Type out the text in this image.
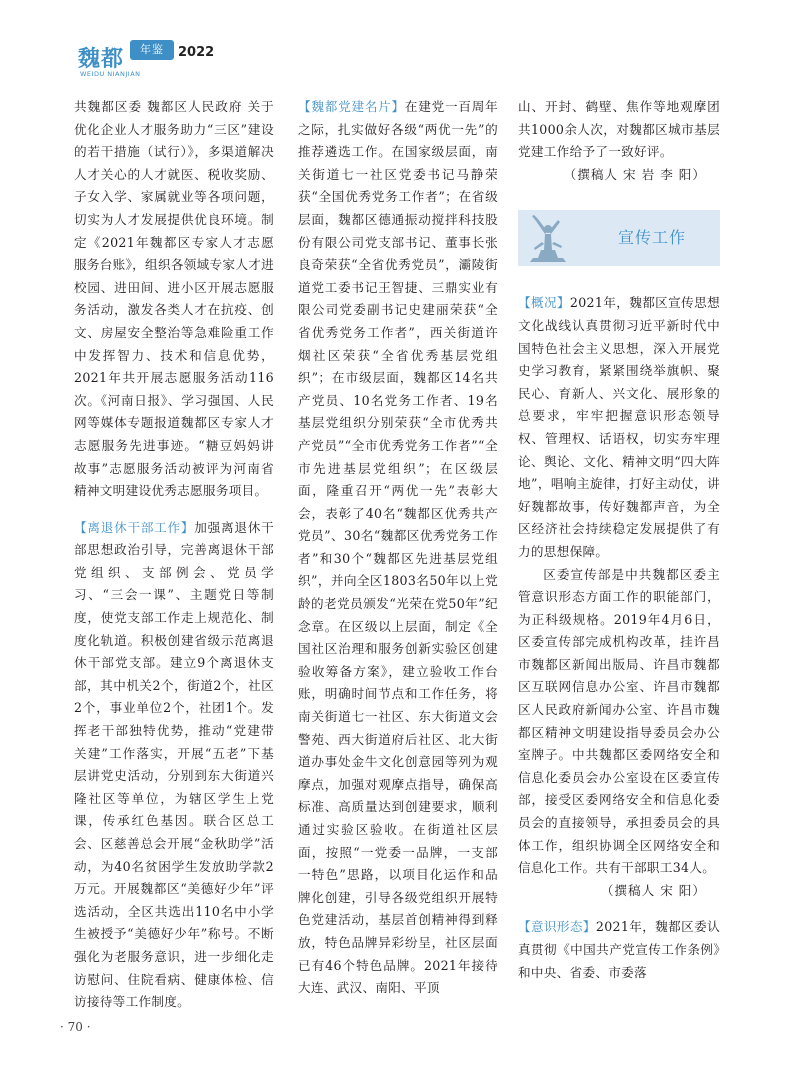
魏都	年鉴	2022
WEIDU NIANJIAN

共魏都区委 魏都区人民政府 关于优化企业人才服务助力“三区”建设的若干措施（试行）》，多渠道解决人才关心的人才就医、税收奖励、子女入学、家属就业等各项问题，切实为人才发展提供优良环境。制定《2021年魏都区专家人才志愿服务台账》，组织各领域专家人才进校园、进田间、进小区开展志愿服务活动，激发各类人才在抗疫、创文、房屋安全整治等急难险重工作中发挥智力、技术和信息优势，2021年共开展志愿服务活动116次。《河南日报》、学习强国、人民网等媒体专题报道魏都区专家人才志愿服务先进事迹。“糖豆妈妈讲故事”志愿服务活动被评为河南省精神文明建设优秀志愿服务项目。

【离退休干部工作】加强离退休干部思想政治引导，完善离退休干部党组织、支部例会、党员学习、“三会一课”、主题党日等制度，使党支部工作走上规范化、制度化轨道。积极创建省级示范离退休干部党支部。建立9个离退休支部，其中机关2个，街道2个，社区2个，事业单位2个，社团1个。发挥老干部独特优势，推动“党建带关建”工作落实，开展“五老”下基层讲党史活动，分别到东大街道兴隆社区等单位，为辖区学生上党课，传承红色基因。联合区总工会、区慈善总会开展“金秋助学”活动，为40名贫困学生发放助学款2万元。开展魏都区“美德好少年”评选活动，全区共选出110名中小学生被授予“美德好少年”称号。不断强化为老服务意识，进一步细化走访慰问、住院看病、健康体检、信访接待等工作制度。

【魏都党建名片】在建党一百周年之际，扎实做好各级“两优一先”的推荐遴选工作。在国家级层面，南关街道七一社区党委书记马静荣获“全国优秀党务工作者”；在省级层面，魏都区德通振动搅拌科技股份有限公司党支部书记、董事长张良奇荣获“全省优秀党员”，灞陵街道党工委书记王智捷、三鼎实业有限公司党委副书记史建丽荣获“全省优秀党务工作者”，西关街道许烟社区荣获“全省优秀基层党组织”；在市级层面，魏都区14名共产党员、10名党务工作者、19名基层党组织分别荣获“全市优秀共产党员”“全市优秀党务工作者”“全市先进基层党组织”；在区级层面，隆重召开“两优一先”表彰大会，表彰了40名“魏都区优秀共产党员”、30名“魏都区优秀党务工作者”和30个“魏都区先进基层党组织”，并向全区1803名50年以上党龄的老党员颁发“光荣在党50年”纪念章。在区级以上层面，制定《全国社区治理和服务创新实验区创建验收筹备方案》，建立验收工作台账，明确时间节点和工作任务，将南关街道七一社区、东大街道文会警苑、西大街道府后社区、北大街道办事处金牛文化创意园等列为观摩点，加强对观摩点指导，确保高标准、高质量达到创建要求，顺利通过实验区验收。在街道社区层面，按照“一党委一品牌，一支部一特色”思路，以项目化运作和品牌化创建，引导各级党组织开展特色党建活动，基层首创精神得到释放，特色品牌异彩纷呈，社区层面已有46个特色品牌。2021年接待大连、武汉、南阳、平顶

山、开封、鹤壁、焦作等地观摩团共1000余人次，对魏都区城市基层党建工作给予了一致好评。

（撰稿人 宋 岩 李 阳）

宣传工作

【概况】2021年，魏都区宣传思想文化战线认真贯彻习近平新时代中国特色社会主义思想，深入开展党史学习教育，紧紧围绕举旗帜、聚民心、育新人、兴文化、展形象的总要求，牢牢把握意识形态领导权、管理权、话语权，切实夯牢理论、舆论、文化、精神文明“四大阵地”，唱响主旋律，打好主动仗，讲好魏都故事，传好魏都声音，为全区经济社会持续稳定发展提供了有力的思想保障。

区委宣传部是中共魏都区委主管意识形态方面工作的职能部门，为正科级规格。2019年4月6日，区委宣传部完成机构改革，挂许昌市魏都区新闻出版局、许昌市魏都区互联网信息办公室、许昌市魏都区人民政府新闻办公室、许昌市魏都区精神文明建设指导委员会办公室牌子。中共魏都区委网络安全和信息化委员会办公室设在区委宣传部，接受区委网络安全和信息化委员会的直接领导，承担委员会的具体工作，组织协调全区网络安全和信息化工作。共有干部职工34人。

（撰稿人 宋 阳）

【意识形态】2021年，魏都区委认真贯彻《中国共产党宣传工作条例》和中央、省委、市委落

· 70 ·
